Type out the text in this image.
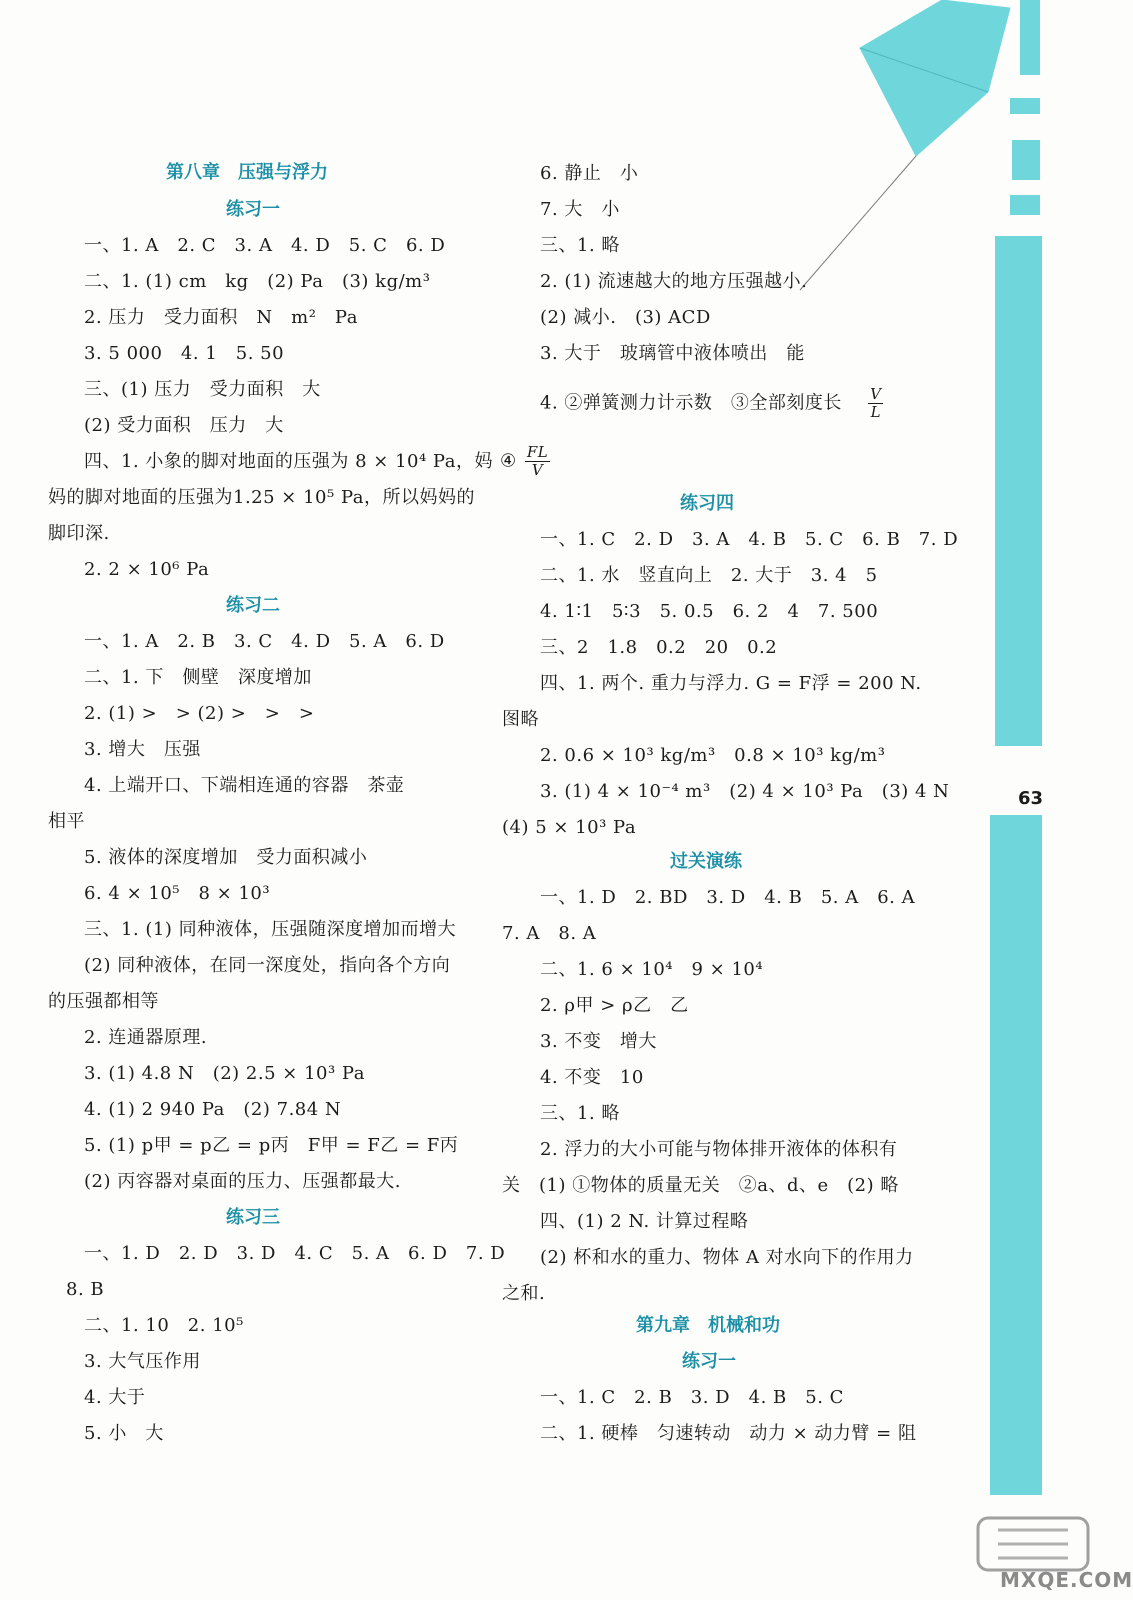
63
第八章　压强与浮力
练习一
一、1. A　2. C　3. A　4. D　5. C　6. D
二、1. (1) cm　kg　(2) Pa　(3) kg/m³
2. 压力　受力面积　N　m²　Pa
3. 5 000　4. 1　5. 50
三、(1) 压力　受力面积　大
(2) 受力面积　压力　大
四、1. 小象的脚对地面的压强为 8 × 10⁴ Pa，妈
妈的脚对地面的压强为1.25 × 10⁵ Pa，所以妈妈的
脚印深.
2. 2 × 10⁶ Pa
练习二
一、1. A　2. B　3. C　4. D　5. A　6. D
二、1. 下　侧壁　深度增加
2. (1) >　> (2) >　>　>
3. 增大　压强
4. 上端开口、下端相连通的容器　茶壶
相平
5. 液体的深度增加　受力面积减小
6. 4 × 10⁵　8 × 10³
三、1. (1) 同种液体，压强随深度增加而增大
(2) 同种液体，在同一深度处，指向各个方向
的压强都相等
2. 连通器原理.
3. (1) 4.8 N　(2) 2.5 × 10³ Pa
4. (1) 2 940 Pa　(2) 7.84 N
5. (1) p甲 = p乙 = p丙　F甲 = F乙 = F丙
(2) 丙容器对桌面的压力、压强都最大.
练习三
一、1. D　2. D　3. D　4. C　5. A　6. D　7. D
8. B
二、1. 10　2. 10⁵
3. 大气压作用
4. 大于
5. 小　大
6. 静止　小
7. 大　小
三、1. 略
2. (1) 流速越大的地方压强越小.
(2) 减小.　(3) ACD
3. 大于　玻璃管中液体喷出　能
4. ②弹簧测力计示数　③全部刻度长 $\frac{V}{L}$
④ $\frac{FL}{V}$
练习四
一、1. C　2. D　3. A　4. B　5. C　6. B　7. D
二、1. 水　竖直向上　2. 大于　3. 4　5
4. 1∶1　5∶3　5. 0.5　6. 2　4　7. 500
三、2　1.8　0.2　20　0.2
四、1. 两个. 重力与浮力. G = F浮 = 200 N.
图略
2. 0.6 × 10³ kg/m³　0.8 × 10³ kg/m³
3. (1) 4 × 10⁻⁴ m³　(2) 4 × 10³ Pa　(3) 4 N
(4) 5 × 10³ Pa
过关演练
一、1. D　2. BD　3. D　4. B　5. A　6. A
7. A　8. A
二、1. 6 × 10⁴　9 × 10⁴
2. ρ甲 > ρ乙　乙
3. 不变　增大
4. 不变　10
三、1. 略
2. 浮力的大小可能与物体排开液体的体积有
关　(1) ①物体的质量无关　②a、d、e　(2) 略
四、(1) 2 N. 计算过程略
(2) 杯和水的重力、物体 A 对水向下的作用力
之和.
第九章　机械和功
练习一
一、1. C　2. B　3. D　4. B　5. C
二、1. 硬棒　匀速转动　动力 × 动力臂 = 阻
MXQE.COM
